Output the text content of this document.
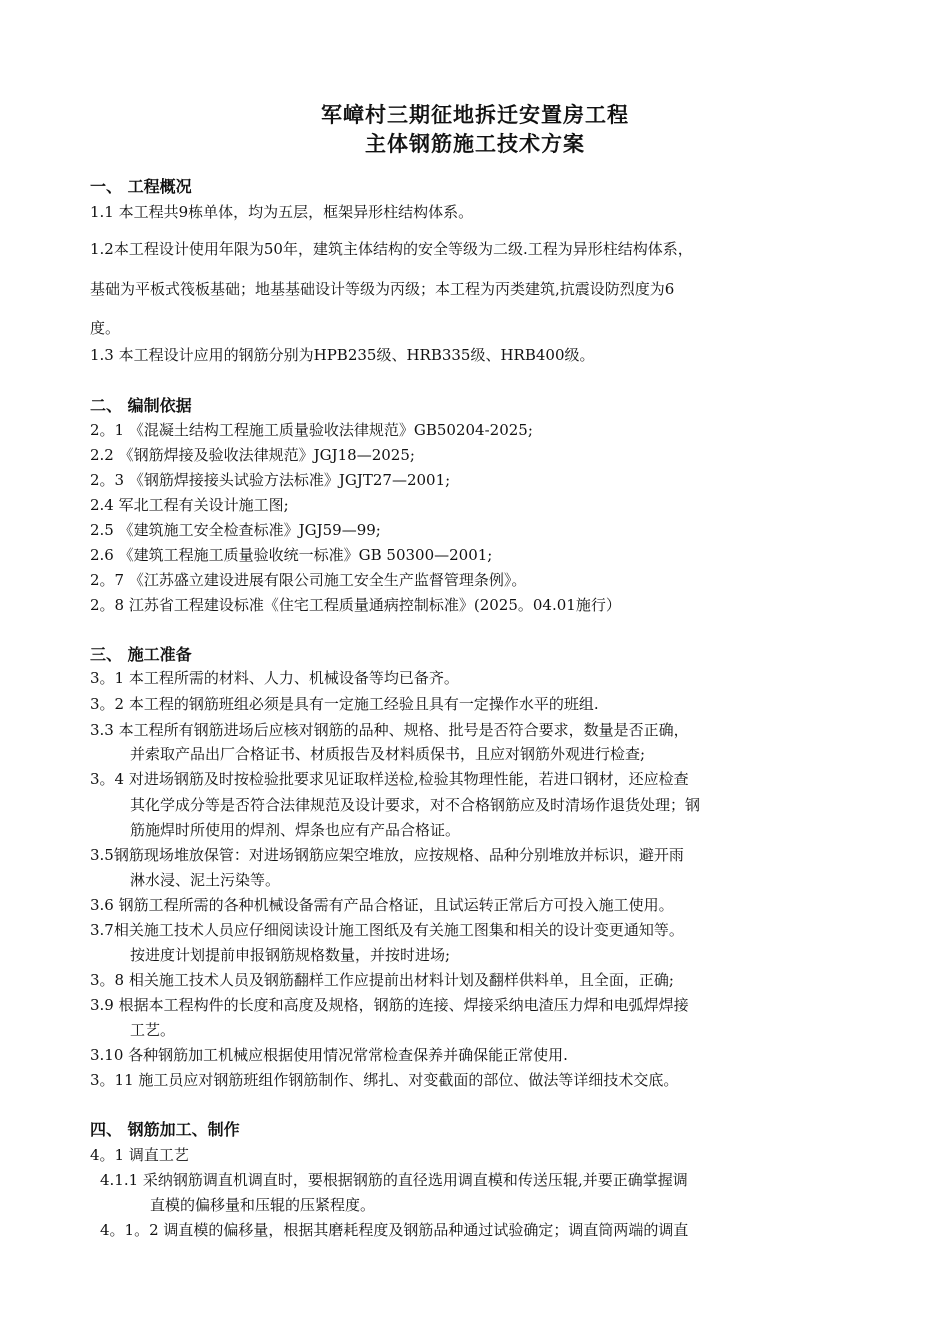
军嶂村三期征地拆迁安置房工程
主体钢筋施工技术方案
一、 工程概况
1.1 本工程共9栋单体，均为五层，框架异形柱结构体系。
1.2本工程设计使用年限为50年，建筑主体结构的安全等级为二级.工程为异形柱结构体系，
基础为平板式筏板基础；地基基础设计等级为丙级；本工程为丙类建筑,抗震设防烈度为6
度。
1.3 本工程设计应用的钢筋分别为HPB235级、HRB335级、HRB400级。
二、 编制依据
2。1 《混凝土结构工程施工质量验收法律规范》GB50204-2025;
2.2 《钢筋焊接及验收法律规范》JGJ18—2025;
2。3 《钢筋焊接接头试验方法标准》JGJT27—2001;
2.4 军北工程有关设计施工图;
2.5 《建筑施工安全检查标准》JGJ59—99;
2.6 《建筑工程施工质量验收统一标准》GB 50300—2001;
2。7 《江苏盛立建设进展有限公司施工安全生产监督管理条例》。
2。8 江苏省工程建设标准《住宅工程质量通病控制标准》(2025。04.01施行）
三、 施工准备
3。1 本工程所需的材料、人力、机械设备等均已备齐。
3。2 本工程的钢筋班组必须是具有一定施工经验且具有一定操作水平的班组.
3.3 本工程所有钢筋进场后应核对钢筋的品种、规格、批号是否符合要求，数量是否正确，
并索取产品出厂合格证书、材质报告及材料质保书，且应对钢筋外观进行检查;
3。4 对进场钢筋及时按检验批要求见证取样送检,检验其物理性能，若进口钢材，还应检查
其化学成分等是否符合法律规范及设计要求，对不合格钢筋应及时清场作退货处理；钢
筋施焊时所使用的焊剂、焊条也应有产品合格证。
3.5钢筋现场堆放保管：对进场钢筋应架空堆放，应按规格、品种分别堆放并标识，避开雨
淋水浸、泥土污染等。
3.6 钢筋工程所需的各种机械设备需有产品合格证，且试运转正常后方可投入施工使用。
3.7相关施工技术人员应仔细阅读设计施工图纸及有关施工图集和相关的设计变更通知等。
按进度计划提前申报钢筋规格数量，并按时进场;
3。8 相关施工技术人员及钢筋翻样工作应提前出材料计划及翻样供料单，且全面，正确;
3.9 根据本工程构件的长度和高度及规格，钢筋的连接、焊接采纳电渣压力焊和电弧焊焊接
工艺。
3.10 各种钢筋加工机械应根据使用情况常常检查保养并确保能正常使用.
3。11 施工员应对钢筋班组作钢筋制作、绑扎、对变截面的部位、做法等详细技术交底。
四、 钢筋加工、制作
4。1 调直工艺
4.1.1 采纳钢筋调直机调直时，要根据钢筋的直径选用调直模和传送压辊,并要正确掌握调
直模的偏移量和压辊的压紧程度。
4。1。2 调直模的偏移量，根据其磨耗程度及钢筋品种通过试验确定；调直筒两端的调直
